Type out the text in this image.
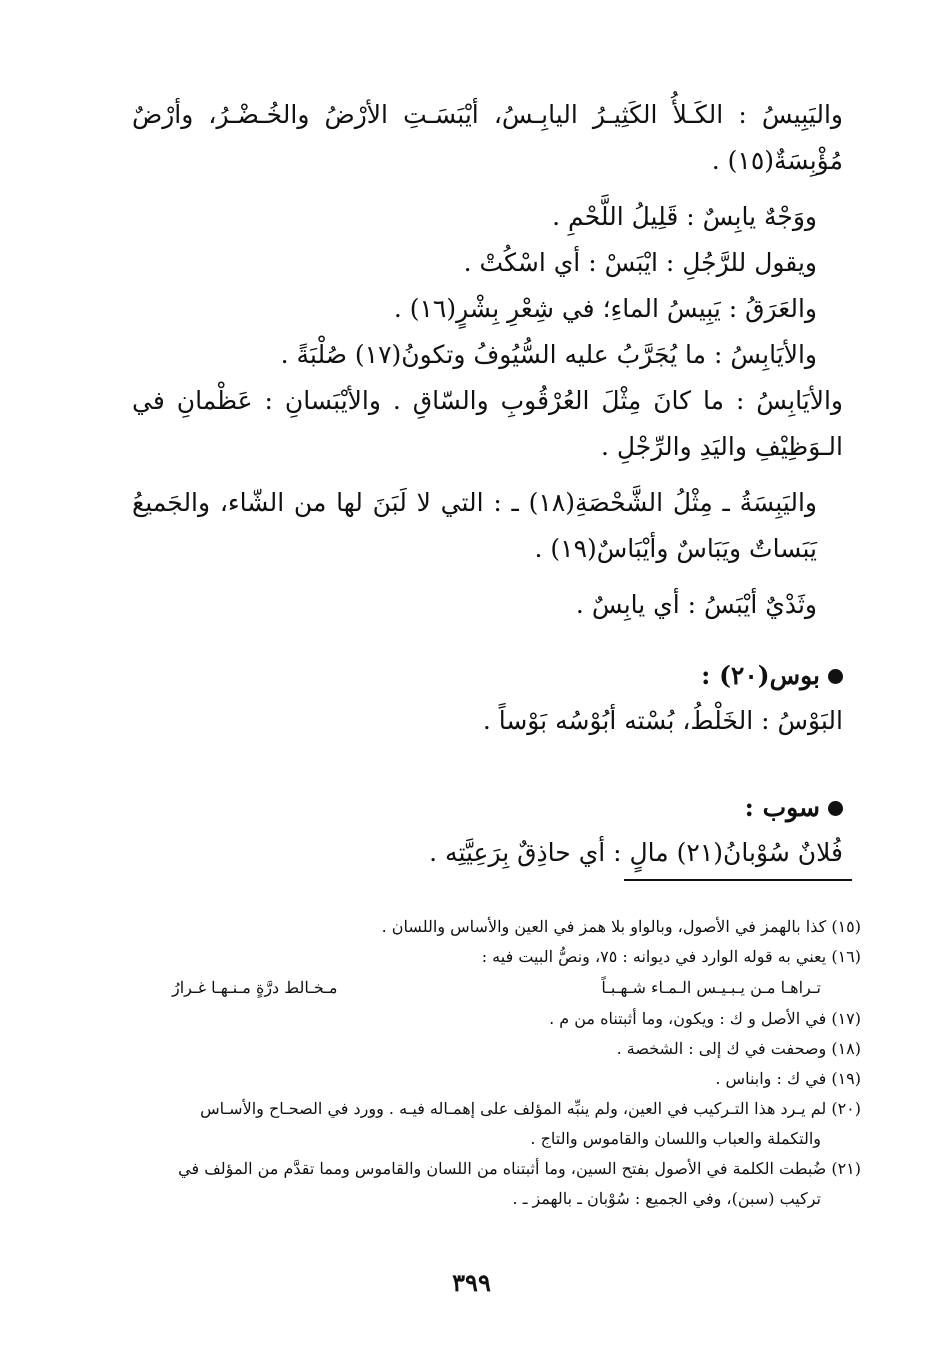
واليَبِيسُ : الكَـلأُ الكَثِيـرُ اليابِـسُ، أيْبَسَـتِ الأرْضُ والخُـضْـرُ، وأرْضٌ مُؤْبِسَةٌ(١٥) .

ووَجْهٌ يابِسٌ : قَلِيلُ اللَّحْمِ .

ويقول للرَّجُلِ : ايْبَسْ : أي اسْكُتْ .

والعَرَقُ : يَبِيسُ الماءِ؛ في شِعْرِ بِشْرٍ(١٦) .

والأيَابِسُ : ما يُجَرَّبُ عليه السُّيُوفُ وتكونُ(١٧) صُلْبَةً .

والأيَابِسُ : ما كانَ مِثْلَ العُرْقُوبِ والسّاقِ . والأيْبَسانِ : عَظْمانِ في الـوَظِيْفِ واليَدِ والرِّجْلِ .

واليَبِسَةُ ـ مِثْلُ الشَّحْصَةِ(١٨) ـ : التي لا لَبَنَ لها من الشّاء، والجَميعُ يَبَساتٌ ويَبَاسٌ وأيْبَاسٌ(١٩) .

وثَدْيٌ أيْبَسُ : أي يابِسٌ .

بوس(٢٠) :

البَوْسُ : الخَلْطُ، بُسْته أبُوْسُه بَوْساً .

سوب :

فُلانٌ سُوْبانُ(٢١) مالٍ : أي حاذِقٌ بِرَعِيَّتِه .

(١٥) كذا بالهمز في الأصول، وبالواو بلا همز في العين والأساس واللسان .

(١٦) يعني به قوله الوارد في ديوانه : ٧٥، ونصُّ البيت فيه :

تـراهـا مـن يـبـيـس الـمـاء شـهـبـاً
مـخـالط درَّةٍ مـنـهـا غـرارُ

(١٧) في الأصل و ك : ويكون، وما أثبتناه من م .

(١٨) وصحفت في ك إلى : الشخصة .

(١٩) في ك : وابناس .

(٢٠) لم يـرد هذا التـركيب في العين، ولم ينبِّه المؤلف على إهمـاله فيـه . وورد في الصحـاح والأسـاس

والتكملة والعباب واللسان والقاموس والتاج .

(٢١) ضُبطت الكلمة في الأصول بفتح السين، وما أثبتناه من اللسان والقاموس ومما تقدَّم من المؤلف في

تركيب (سبن)، وفي الجميع : سُوْبان ـ بالهمز ـ .

٣٩٩
